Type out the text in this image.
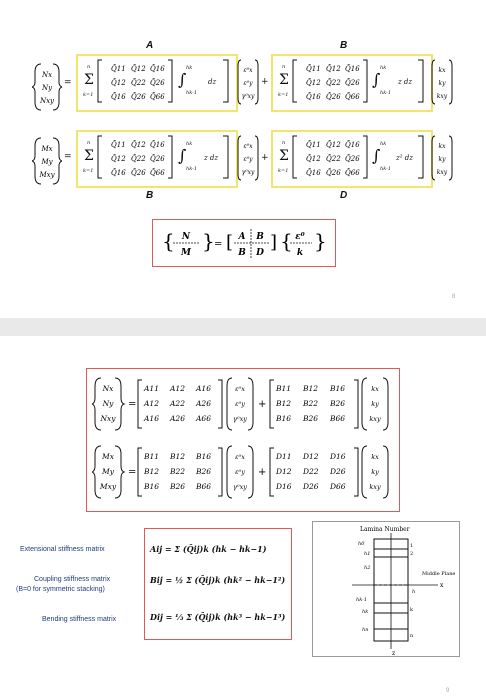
A	B
Nx
Ny
Nxy
= Σ
n
k=1
Q̄11 Q̄12 Q̄16
Q̄12 Q̄22 Q̄26
Q̄16 Q̄26 Q̄66
∫
hk
hk-1
dz
ε⁰x
ε⁰y
γ⁰xy
+ Σ
n
k=1
Q̄11 Q̄12 Q̄16
Q̄12 Q̄22 Q̄26
Q̄16 Q̄26 Q̄66
∫
hk
hk-1
z dz
kx
ky
kxy
Mx
My
Mxy
= Σ
n
k=1
Q̄11 Q̄12 Q̄16
Q̄12 Q̄22 Q̄26
Q̄16 Q̄26 Q̄66
∫
hk
hk-1
z dz
ε⁰x
ε⁰y
γ⁰xy
+ Σ
n
k=1
Q̄11 Q̄12 Q̄16
Q̄12 Q̄22 Q̄26
Q̄16 Q̄26 Q̄66
∫
hk
hk-1
z² dz
kx
ky
kxy
B	D
{ N
M } = [ A B
B D ] { ε⁰
k }
8
Nx
Ny
Nxy
=
A11 A12 A16
A12 A22 A26
A16 A26 A66
ε⁰x
ε⁰y
γ⁰xy
+
B11 B12 B16
B12 B22 B26
B16 B26 B66
kx
ky
kxy
Mx
My
Mxy
=
B11 B12 B16
B12 B22 B26
B16 B26 B66
ε⁰x
ε⁰y
γ⁰xy
+
D11 D12 D16
D12 D22 D26
D16 D26 D66
kx
ky
kxy
Extensional stiffness matrix
Coupling stiffness matrix
(B=0 for symmetric stacking)
Bending stiffness matrix
Aij = Σ (Q̄ij)k (hk − hk−1)
Bij = ½ Σ (Q̄ij)k (hk² − hk−1²)
Dij = ⅓ Σ (Q̄ij)k (hk³ − hk−1³)
Lamina Number
x
Middle Plane
1
2
k
n
h0
h1
h2
hk-1
hk
hn
h
z
9
